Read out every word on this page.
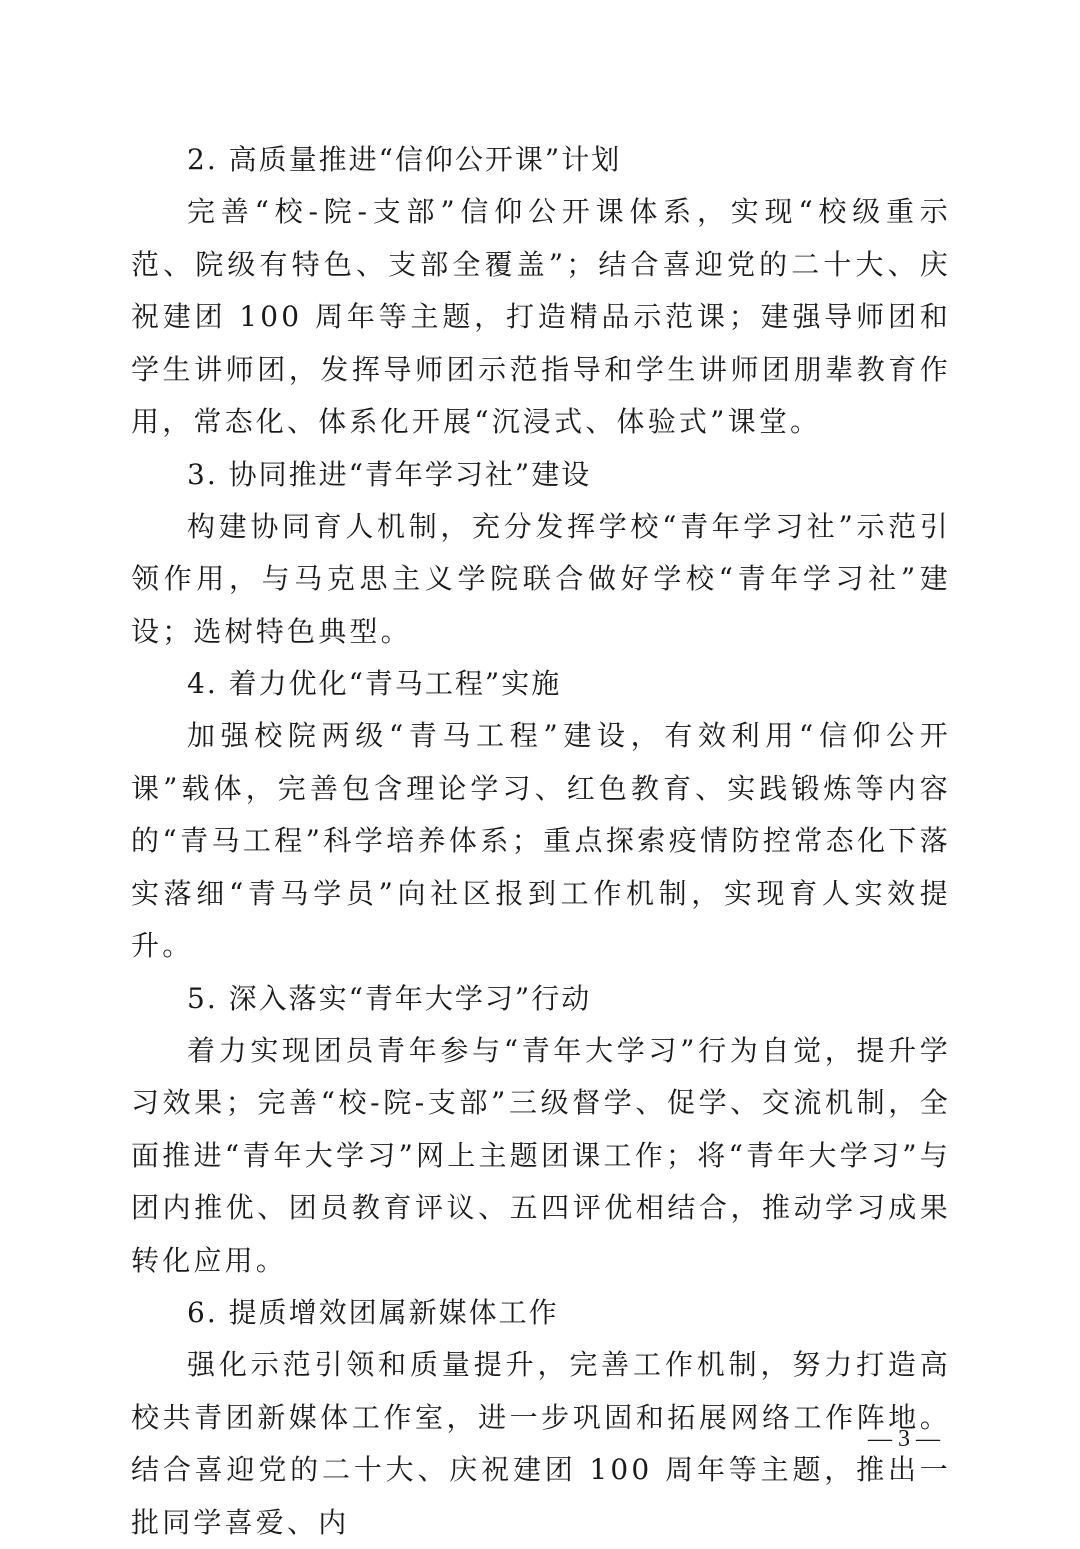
2. 高质量推进“信仰公开课”计划

完善“校-院-支部”信仰公开课体系，实现“校级重示范、院级有特色、支部全覆盖”；结合喜迎党的二十大、庆祝建团 100 周年等主题，打造精品示范课；建强导师团和学生讲师团，发挥导师团示范指导和学生讲师团朋辈教育作用，常态化、体系化开展“沉浸式、体验式”课堂。

3. 协同推进“青年学习社”建设

构建协同育人机制，充分发挥学校“青年学习社”示范引领作用，与马克思主义学院联合做好学校“青年学习社”建设；选树特色典型。

4. 着力优化“青马工程”实施

加强校院两级“青马工程”建设，有效利用“信仰公开课”载体，完善包含理论学习、红色教育、实践锻炼等内容的“青马工程”科学培养体系；重点探索疫情防控常态化下落实落细“青马学员”向社区报到工作机制，实现育人实效提升。

5. 深入落实“青年大学习”行动

着力实现团员青年参与“青年大学习”行为自觉，提升学习效果；完善“校-院-支部”三级督学、促学、交流机制，全面推进“青年大学习”网上主题团课工作；将“青年大学习”与团内推优、团员教育评议、五四评优相结合，推动学习成果转化应用。

6. 提质增效团属新媒体工作

强化示范引领和质量提升，完善工作机制，努力打造高校共青团新媒体工作室，进一步巩固和拓展网络工作阵地。结合喜迎党的二十大、庆祝建团 100 周年等主题，推出一批同学喜爱、内

— 3 —
